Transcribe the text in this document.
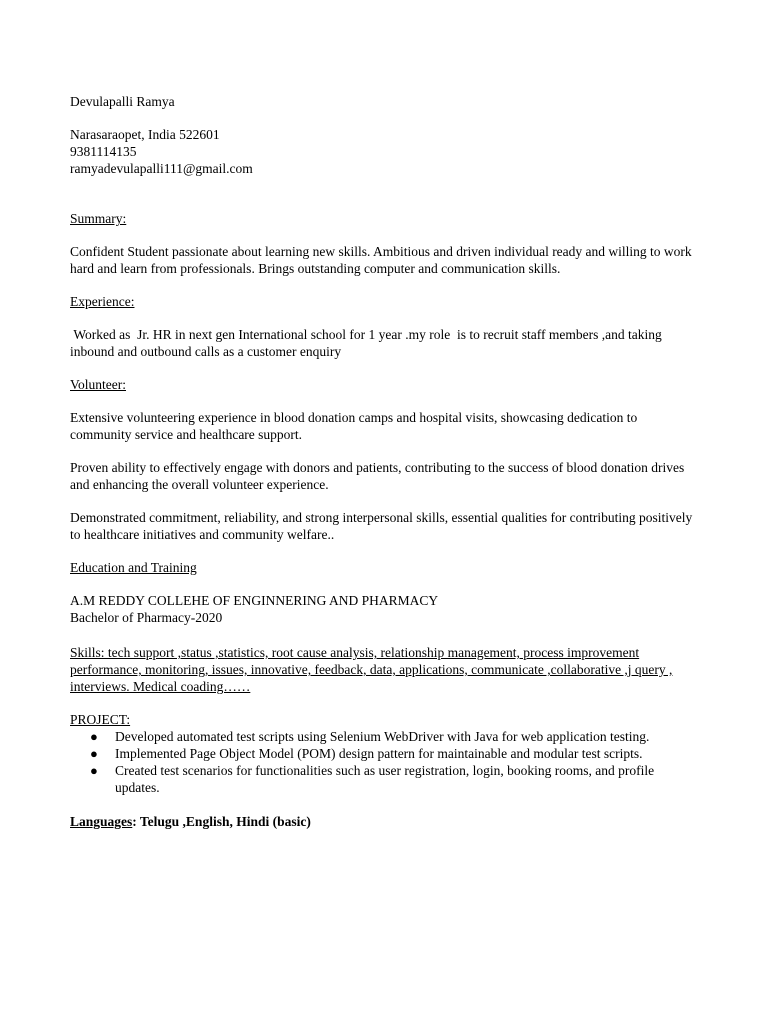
Devulapalli Ramya

Narasaraopet, India 522601

9381114135

ramyadevulapalli111@gmail.com

Summary:

Confident Student passionate about learning new skills. Ambitious and driven individual ready and willing to work hard and learn from professionals. Brings outstanding computer and communication skills.

Experience:

Worked as  Jr. HR in next gen International school for 1 year .my role  is to recruit staff members ,and taking inbound and outbound calls as a customer enquiry

Volunteer:

Extensive volunteering experience in blood donation camps and hospital visits, showcasing dedication to community service and healthcare support.

Proven ability to effectively engage with donors and patients, contributing to the success of blood donation drives and enhancing the overall volunteer experience.

Demonstrated commitment, reliability, and strong interpersonal skills, essential qualities for contributing positively to healthcare initiatives and community welfare..

Education and Training

A.M REDDY COLLEHE OF ENGINNERING AND PHARMACY

Bachelor of Pharmacy-2020

Skills: tech support ,status ,statistics, root cause analysis, relationship management, process improvement performance, monitoring, issues, innovative, feedback, data, applications, communicate ,collaborative ,j query , interviews. Medical coading……

PROJECT:

● Developed automated test scripts using Selenium WebDriver with Java for web application testing.
● Implemented Page Object Model (POM) design pattern for maintainable and modular test scripts.
● Created test scenarios for functionalities such as user registration, login, booking rooms, and profile updates.

Languages: Telugu ,English, Hindi (basic)
